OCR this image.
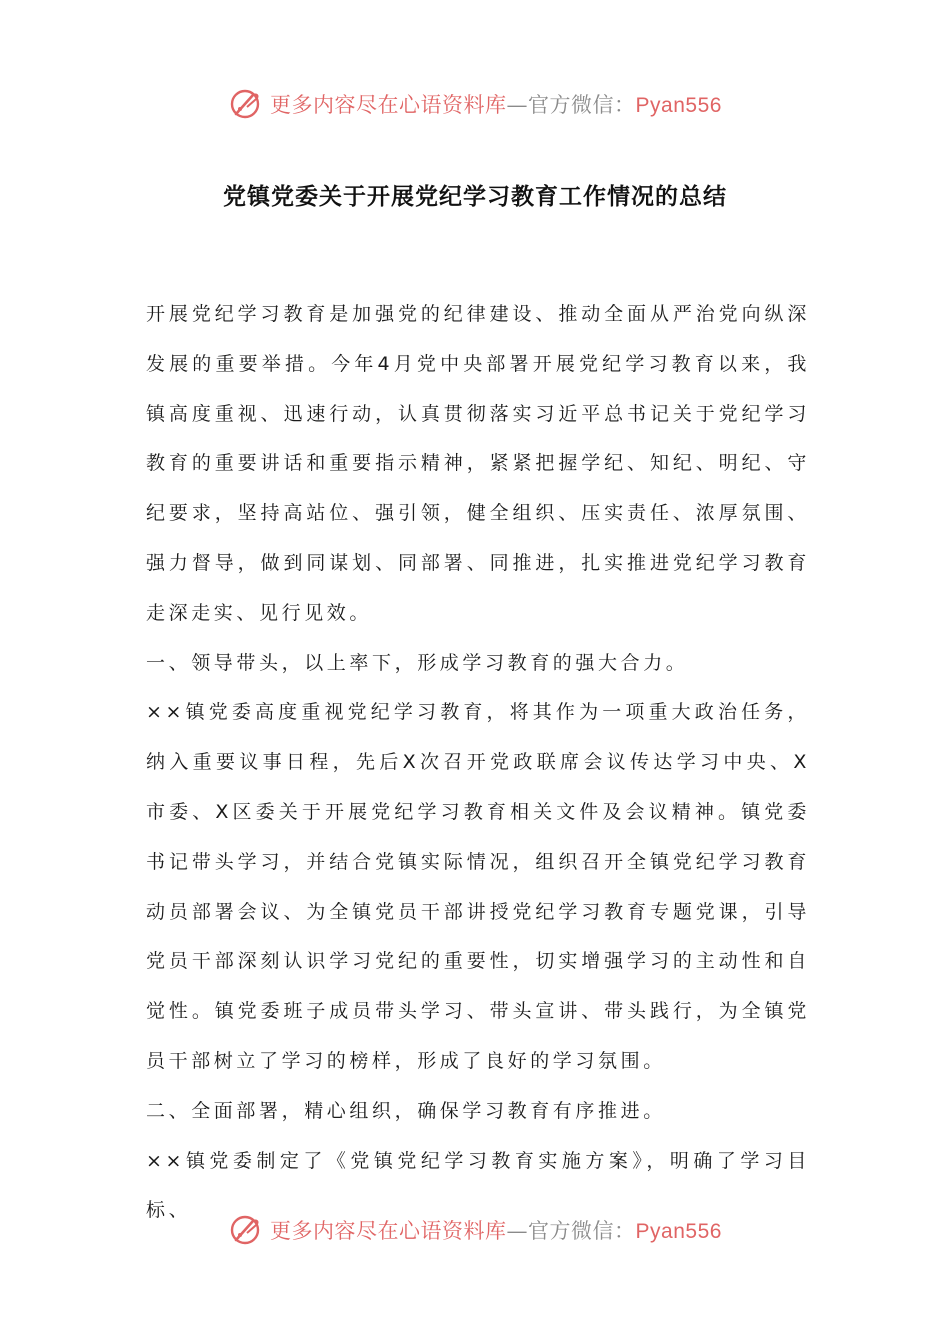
更多内容尽在心语资料库—官方微信：Pyan556
党镇党委关于开展党纪学习教育工作情况的总结

开展党纪学习教育是加强党的纪律建设、推动全面从严治党向纵深发展的重要举措。今年4月党中央部署开展党纪学习教育以来，我镇高度重视、迅速行动，认真贯彻落实习近平总书记关于党纪学习教育的重要讲话和重要指示精神，紧紧把握学纪、知纪、明纪、守纪要求，坚持高站位、强引领，健全组织、压实责任、浓厚氛围、强力督导，做到同谋划、同部署、同推进，扎实推进党纪学习教育走深走实、见行见效。

一、领导带头，以上率下，形成学习教育的强大合力。

××镇党委高度重视党纪学习教育，将其作为一项重大政治任务，纳入重要议事日程，先后X次召开党政联席会议传达学习中央、X市委、X区委关于开展党纪学习教育相关文件及会议精神。镇党委书记带头学习，并结合党镇实际情况，组织召开全镇党纪学习教育动员部署会议、为全镇党员干部讲授党纪学习教育专题党课，引导党员干部深刻认识学习党纪的重要性，切实增强学习的主动性和自觉性。镇党委班子成员带头学习、带头宣讲、带头践行，为全镇党员干部树立了学习的榜样，形成了良好的学习氛围。

二、全面部署，精心组织，确保学习教育有序推进。

××镇党委制定了《党镇党纪学习教育实施方案》，明确了学习目标、

更多内容尽在心语资料库—官方微信：Pyan556
